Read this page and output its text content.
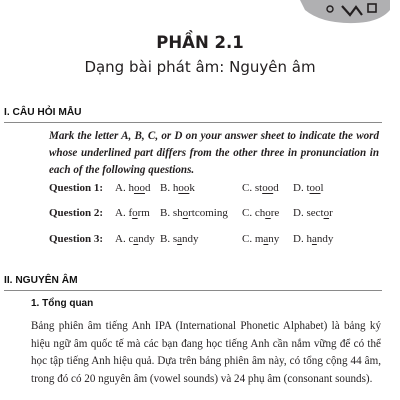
PHẦN 2.1
Dạng bài phát âm: Nguyên âm
I. CÂU HỎI MẪU
Mark the letter A, B, C, or D on your answer sheet to indicate the word whose underlined part differs from the other three in pronunciation in each of the following questions.
Question 1: A. hood B. hook	C. stood D. tool
Question 2: A. form B. shortcoming C. chore D. sector
Question 3: A. candy B. sandy	C. many D. handy
II. NGUYÊN ÂM
1. Tổng quan
Bảng phiên âm tiếng Anh IPA (International Phonetic Alphabet) là bảng ký hiệu ngữ âm quốc tế mà các bạn đang học tiếng Anh cần nắm vững để có thể học tập tiếng Anh hiệu quả. Dựa trên bảng phiên âm này, có tổng cộng 44 âm, trong đó có 20 nguyên âm (vowel sounds) và 24 phụ âm (consonant sounds).
